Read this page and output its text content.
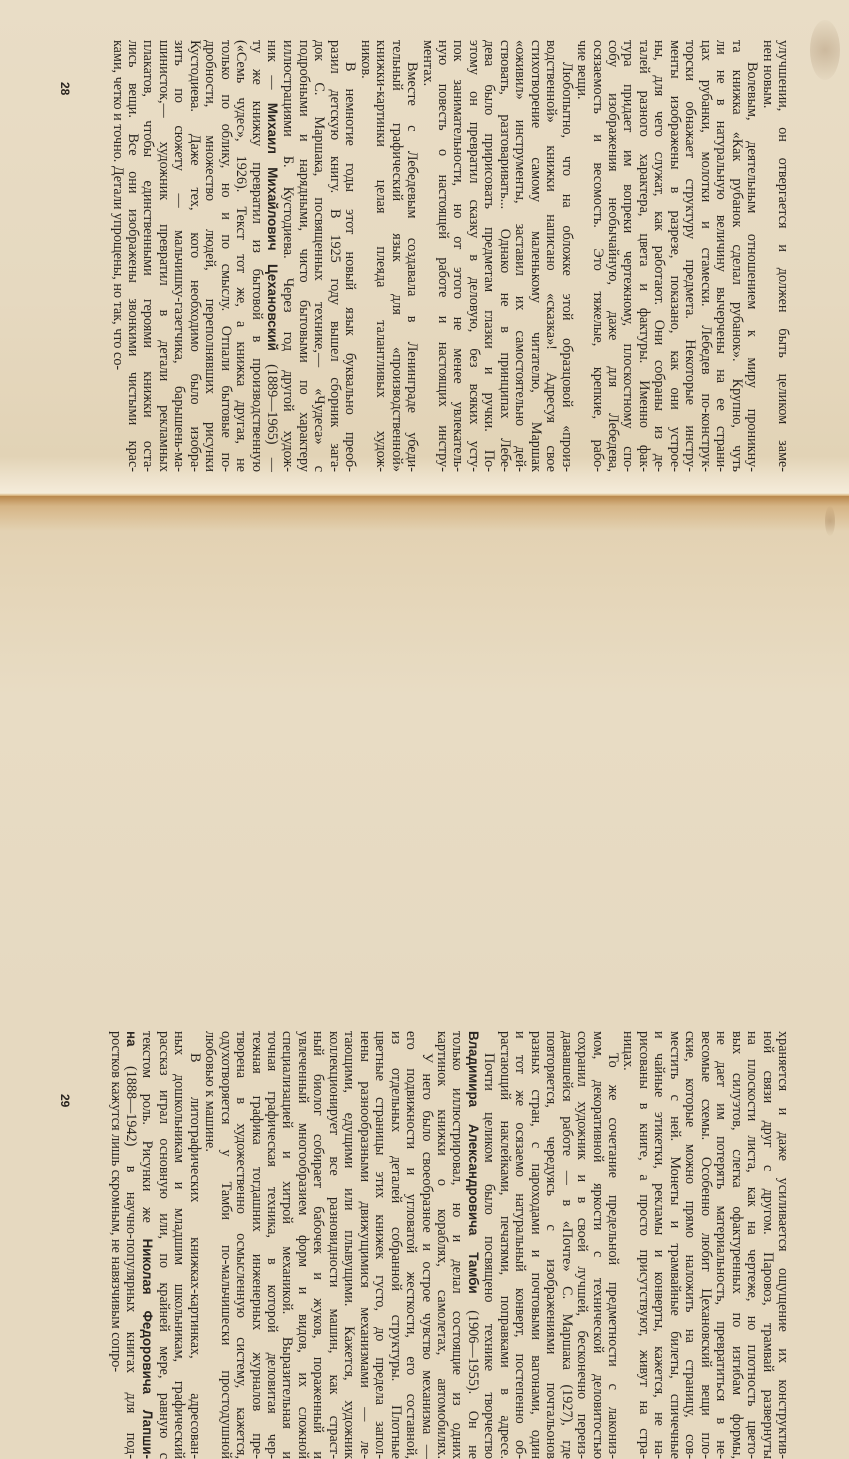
улучшении, он отвергается и должен быть целиком заме-
нен новым.
Волевым, деятельным отношением к миру проникну-
та книжка «Как рубанок сделал рубанок». Крупно, чуть
ли не в натуральную величину вычерчены на ее страни-
цах рубанки, молотки и стамески. Лебедев по-конструк-
торски обнажает структуру предмета. Некоторые инстру-
менты изображены в разрезе, показано, как они устрое-
ны, для чего служат, как работают. Они собраны из де-
талей разного характера, цвета и фактуры. Именно фак-
тура придает им вопреки чертежному, плоскостному спо-
собу изображения необычайную, даже для Лебедева,
осязаемость и весомость. Это тяжелые, крепкие, рабо-
чие вещи.
Любопытно, что на обложке этой образцовой «произ-
водственной» книжки написано «сказка»! Адресуя свое
стихотворение самому маленькому читателю, Маршак
«оживил» инструменты, заставил их самостоятельно дей-
ствовать, разговаривать... Однако не в принципах Лебе-
дева было пририсовать предметам глазки и ручки. По-
этому он превратил сказку в деловую, без всяких усту-
пок занимательности, но от этого не менее увлекатель-
ную повесть о настоящей работе и настоящих инстру-
ментах.
Вместе с Лебедевым создавала в Ленинграде убеди-
тельный графический язык для «производственной»
книжки-картинки целая плеяда талантливых худож-
ников.
В немногие годы этот новый язык буквально преоб-
разил детскую книгу. В 1925 году вышел сборник зага-
док С. Маршака, посвященных технике,— «Чудеса» с
подробными и нарядными, чисто бытовыми по характеру
иллюстрациями Б. Кустодиева. Через год другой худож-
ник — Михаил Михайлович Цехановский (1889—1965) —
ту же книжку превратил из бытовой в производственную
(«Семь чудес», 1926). Текст тот же, а книжка другая, не
только по облику, но и по смыслу. Отпали бытовые по-
дробности, множество людей, переполнявших рисунки
Кустодиева. Даже тех, кого необходимо было изобра-
зить по сюжету — мальчишку-газетчика, барышень-ма-
шинисток,— художник превратил в детали рекламных
плакатов, чтобы единственными героями книжки оста-
лись вещи. Все они изображены звонкими чистыми крас-
ками, четко и точно. Детали упрощены, но так, что со-
28
храняется и даже усиливается ощущение их конструктив-
ной связи друг с другом. Паровоз, трамвай развернуты
на плоскости листа, как на чертеже, но плотность цвето-
вых силуэтов, слегка офактуренных по изгибам формы,
не дает им потерять материальность, превратиться в не-
весомые схемы. Особенно любит Цехановский вещи пло-
ские, которые можно прямо наложить на страницу, сов-
местить с ней. Монеты и трамвайные билеты, спичечные
и чайные этикетки, рекламы и конверты, кажется, не на-
рисованы в книге, а просто присутствуют, живут на стра-
ницах.
То же сочетание предельной предметности с лакониз-
мом, декоративной яркости с технической деловитостью
сохранил художник и в своей лучшей, бесконечно переиз-
дававшейся работе — в «Почте» С. Маршака (1927), где
повторяется, чередуясь с изображениями почтальонов
разных стран, с пароходами и почтовыми вагонами, один
и тот же осязаемо натуральный конверт, постепенно об-
растающий наклейками, печатями, поправками в адресе.
Почти целиком было посвящено технике творчество
Владимира Александровича Тамби (1906—1955). Он не
только иллюстрировал, но и делал состоящие из одних
картинок книжки о кораблях, самолетах, автомобилях.
У него было своеобразное и острое чувство механизма —
его подвижности и угловатой жесткости, его составной,
из отдельных деталей собранной структуры. Плотные
цветные страницы этих книжек густо, до предела запол-
нены разнообразными движущимися механизмами — ле-
тающими, едущими или плывущими. Кажется, художник
коллекционирует все разновидности машин, как страст-
ный биолог собирает бабочек и жуков, пораженный и
увлеченный многообразием форм и видов, их сложной
специализацией и хитрой механикой. Выразительная и
точная графическая техника, в которой деловитая чер-
тежная графика тогдашних инженерных журналов пре-
творена в художественно осмысленную систему, кажется,
одухотворяется у Тамби по-мальчишески простодушной
любовью к машине.
В литографических книжках-картинках, адресован-
ных дошкольникам и младшим школьникам, графический
рассказ играл основную или, по крайней мере, равную с
текстом роль. Рисунки же Николая Федоровича Лапши-
на (1888—1942) в научно-популярных книгах для под-
ростков кажутся лишь скромным, не навязчивым сопро-
29
